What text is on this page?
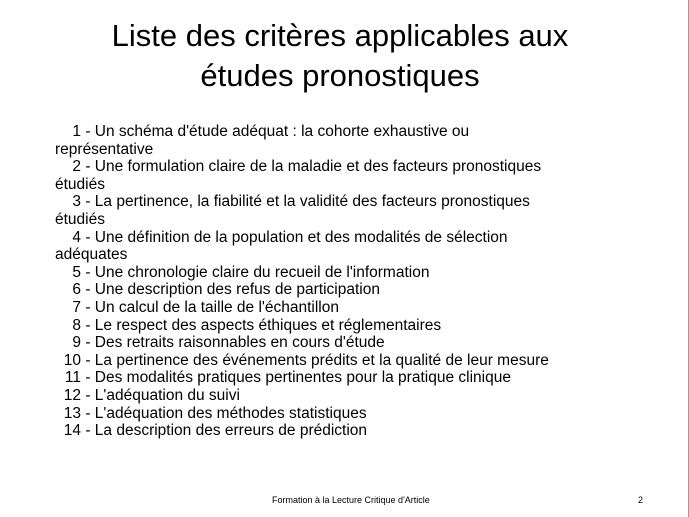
Liste des critères applicables aux
études pronostiques
1 - Un schéma d'étude adéquat : la cohorte exhaustive ou
représentative
2 - Une formulation claire de la maladie et des facteurs pronostiques
étudiés
3 - La pertinence, la fiabilité et la validité des facteurs pronostiques
étudiés
4 - Une définition de la population et des modalités de sélection
adéquates
5 - Une chronologie claire du recueil de l'information
6 - Une description des refus de participation
7 - Un calcul de la taille de l'échantillon
8 - Le respect des aspects éthiques et réglementaires
9 - Des retraits raisonnables en cours d'étude
10 - La pertinence des événements prédits et la qualité de leur mesure
11 - Des modalités pratiques pertinentes pour la pratique clinique
12 - L'adéquation du suivi
13 - L'adéquation des méthodes statistiques
14 - La description des erreurs de prédiction
Formation à la Lecture Critique d'Article	2
